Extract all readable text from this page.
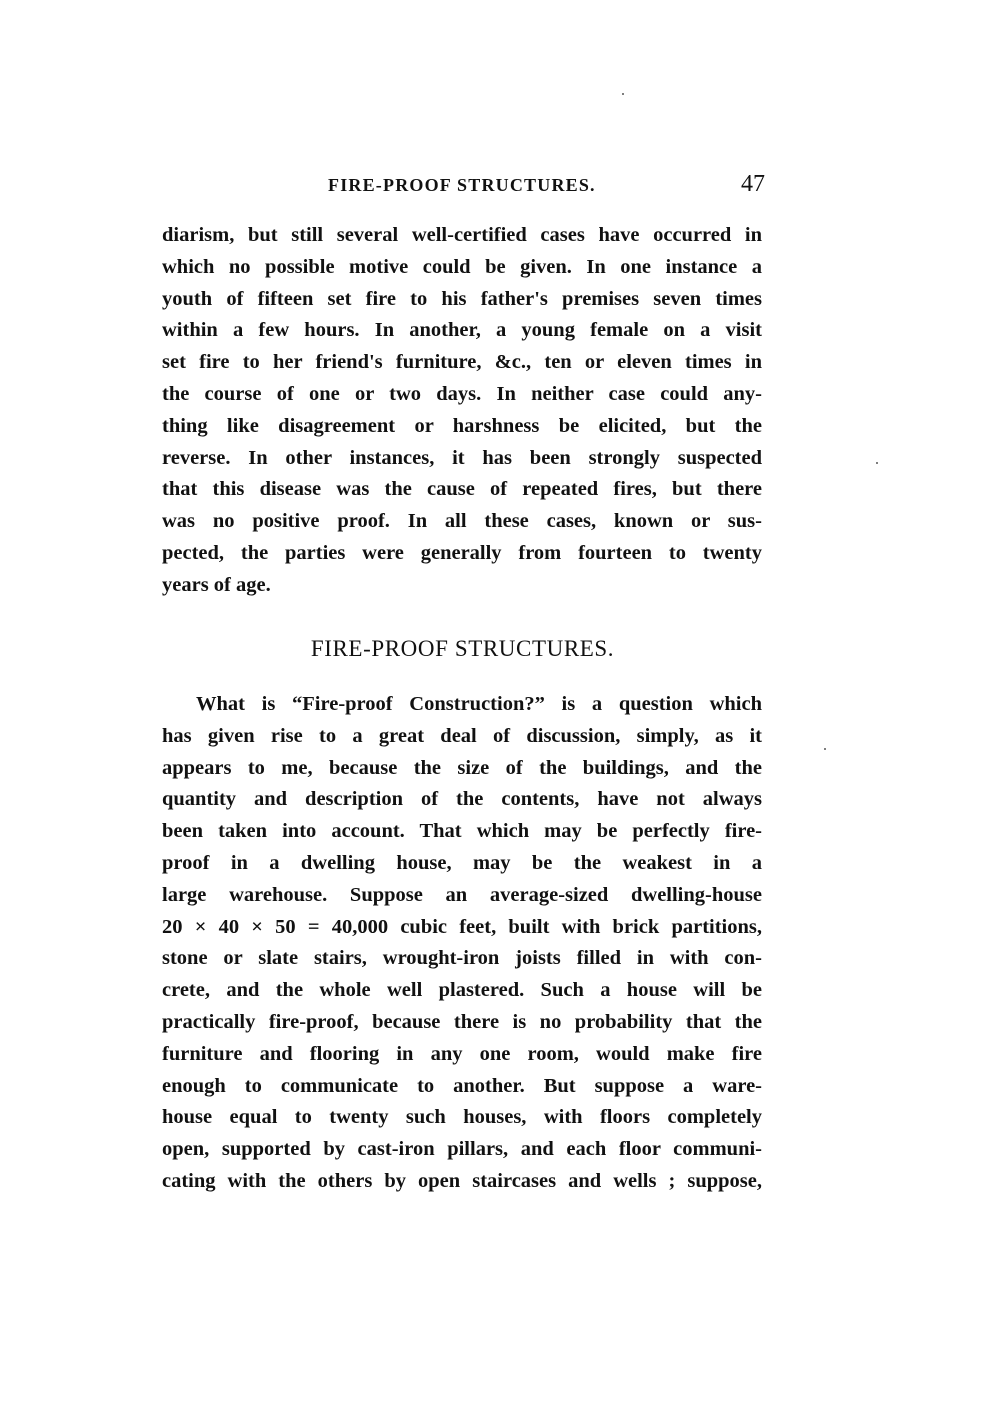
FIRE-PROOF STRUCTURES.	47
diarism, but still several well-certified cases have occurred in
which no possible motive could be given. In one instance a
youth of fifteen set fire to his father's premises seven times
within a few hours. In another, a young female on a visit
set fire to her friend's furniture, &c., ten or eleven times in
the course of one or two days. In neither case could any-
thing like disagreement or harshness be elicited, but the
reverse. In other instances, it has been strongly suspected
that this disease was the cause of repeated fires, but there
was no positive proof. In all these cases, known or sus-
pected, the parties were generally from fourteen to twenty
years of age.
FIRE-PROOF STRUCTURES.
What is “Fire-proof Construction?” is a question which
has given rise to a great deal of discussion, simply, as it
appears to me, because the size of the buildings, and the
quantity and description of the contents, have not always
been taken into account. That which may be perfectly fire-
proof in a dwelling house, may be the weakest in a
large warehouse. Suppose an average-sized dwelling-house
20 × 40 × 50 = 40,000 cubic feet, built with brick partitions,
stone or slate stairs, wrought-iron joists filled in with con-
crete, and the whole well plastered. Such a house will be
practically fire-proof, because there is no probability that the
furniture and flooring in any one room, would make fire
enough to communicate to another. But suppose a ware-
house equal to twenty such houses, with floors completely
open, supported by cast-iron pillars, and each floor communi-
cating with the others by open staircases and wells ; suppose,
